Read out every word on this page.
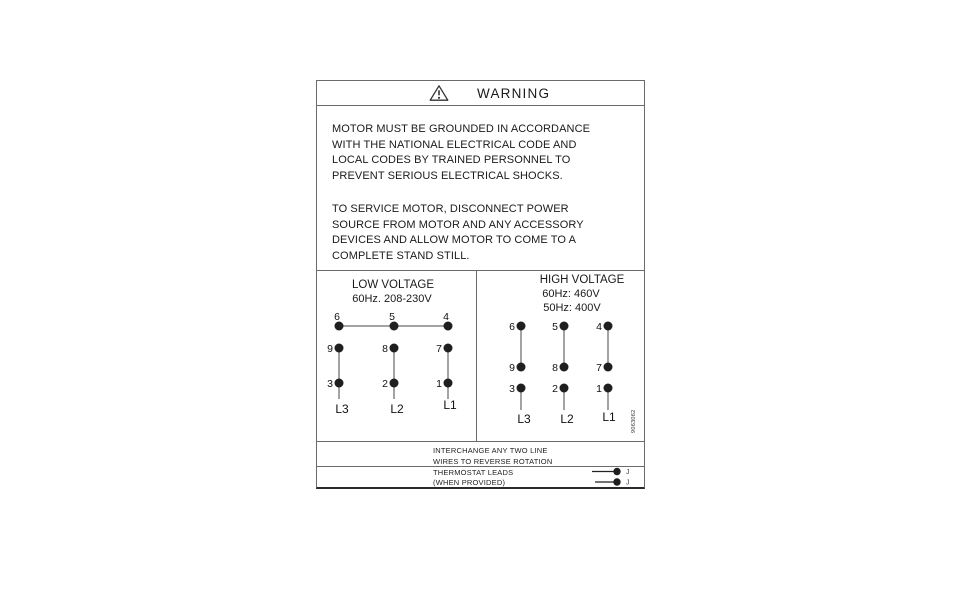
WARNING
MOTOR MUST BE GROUNDED IN ACCORDANCE
WITH THE NATIONAL ELECTRICAL CODE AND
LOCAL CODES BY TRAINED PERSONNEL TO
PREVENT SERIOUS ELECTRICAL SHOCKS.
TO SERVICE MOTOR, DISCONNECT POWER
SOURCE FROM MOTOR AND ANY ACCESSORY
DEVICES AND ALLOW MOTOR TO COME TO A
COMPLETE STAND STILL.
LOW VOLTAGE
60Hz. 208-230V
6	5	4
9	8	7
3	2	1
L3	L2	L1
HIGH VOLTAGE
60Hz: 460V
50Hz: 400V
6	5	4
9	8	7
3	2	1
L3 L2 L1	9063062
INTERCHANGE ANY TWO LINE
WIRES TO REVERSE ROTATION
THERMOSTAT LEADS
(WHEN PROVIDED)
J
J
